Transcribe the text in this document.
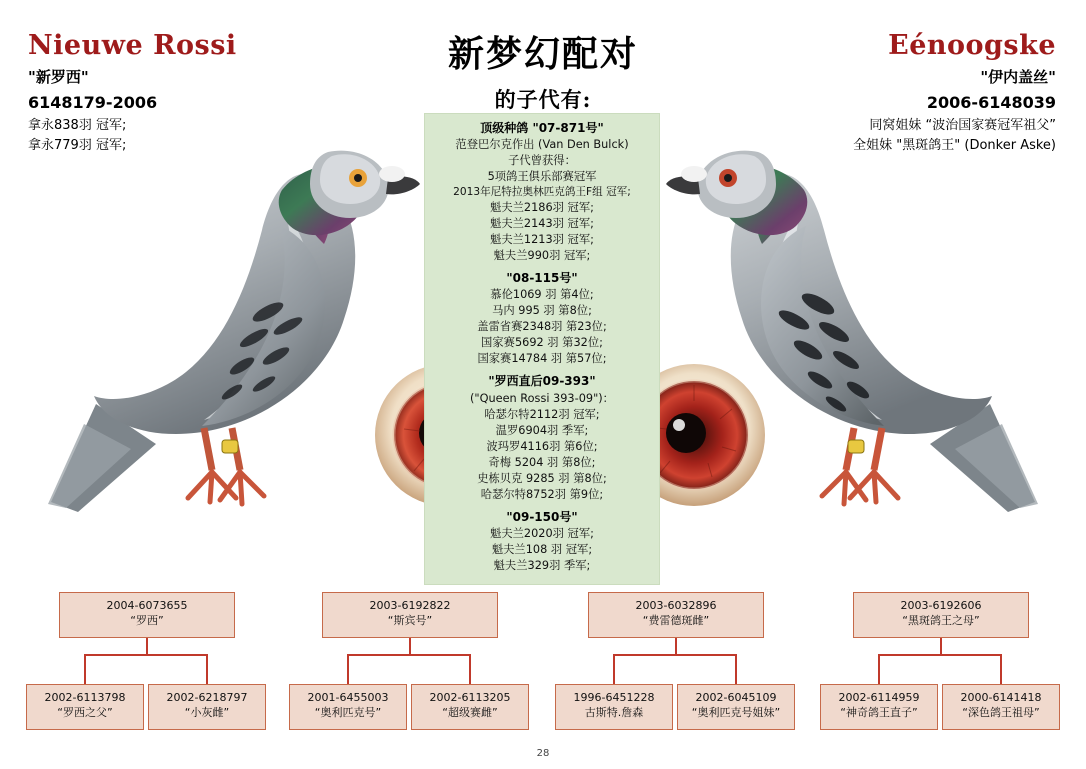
Nieuwe Rossi	新梦幻配对
的子代有:
Eénoogske
"新罗西"
6148179-2006
拿永838羽 冠军;
拿永779羽 冠军;
"伊内盖丝"
2006-6148039
同窝姐妹 “波治国家赛冠军祖父”
全姐妹 "黑斑鸽王" (Donker Aske)
顶级种鸽 "07-871号"
范登巴尔克作出 (Van Den Bulck)
子代曾获得：
5项鸽王俱乐部赛冠军
2013年尼特拉奥林匹克鸽王F组 冠军;
魁夫兰2186羽 冠军;
魁夫兰2143羽 冠军;
魁夫兰1213羽 冠军;
魁夫兰990羽 冠军;
"08-115号"
慕伦1069 羽 第4位;
马内 995 羽 第8位;
盖雷省赛2348羽 第23位;
国家赛5692 羽 第32位;
国家赛14784 羽 第57位;
"罗西直后09-393"
("Queen Rossi 393-09")：
哈瑟尔特2112羽 冠军;
温罗6904羽 季军;
波玛罗4116羽 第6位;
奇梅 5204 羽 第8位;
史栋贝克 9285 羽 第8位;
哈瑟尔特8752羽 第9位;
"09-150号"
魁夫兰2020羽 冠军;
魁夫兰108 羽 冠军;
魁夫兰329羽 季军;
2004-6073655
“罗西”
2003-6192822
“斯宾号”
2003-6032896
“费雷德斑雌”
2003-6192606
“黑斑鸽王之母”
2002-6113798
“罗西之父”
2002-6218797
“小灰雌”
2001-6455003
“奥利匹克号”
2002-6113205
“超级赛雌”
1996-6451228
古斯特.詹森
2002-6045109
“奥利匹克号姐妹”
2002-6114959
“神奇鸽王直子”
2000-6141418
“深色鸽王祖母”
28
